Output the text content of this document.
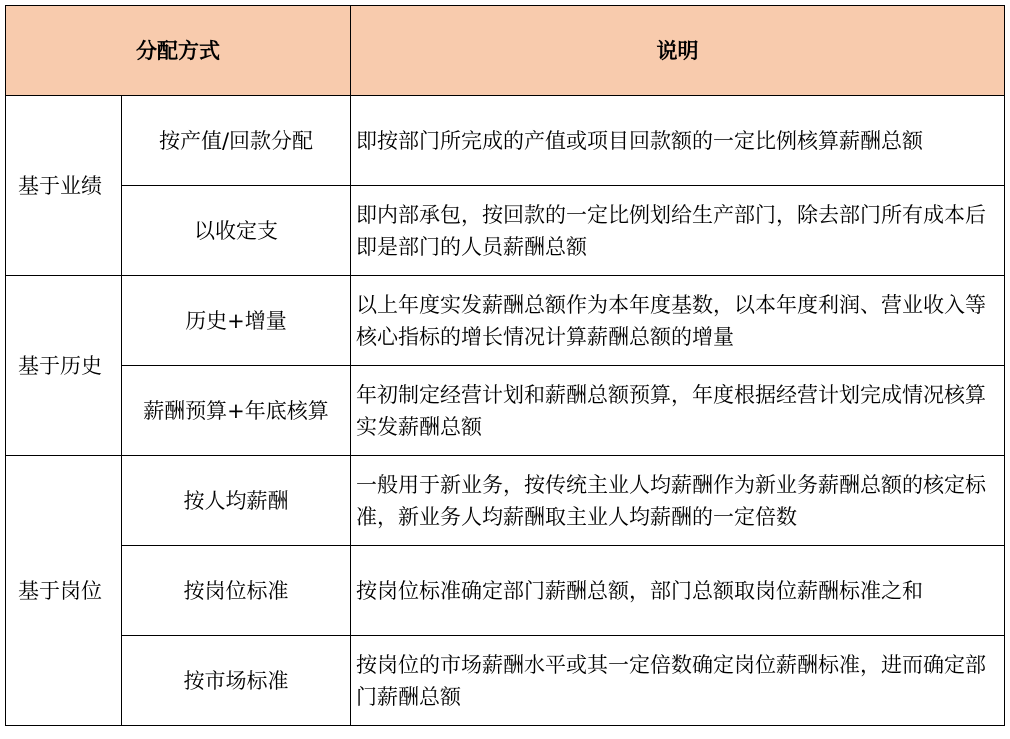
分配方式		说明
基于业绩	按产值/回款分配	即按部门所完成的产值或项目回款额的一定比例核算薪酬总额
	以收定支	即内部承包，按回款的一定比例划给生产部门，除去部门所有成本后即是部门的人员薪酬总额
基于历史	历史+增量	以上年度实发薪酬总额作为本年度基数，以本年度利润、营业收入等核心指标的增长情况计算薪酬总额的增量
	薪酬预算+年底核算	年初制定经营计划和薪酬总额预算，年度根据经营计划完成情况核算实发薪酬总额
基于岗位	按人均薪酬	一般用于新业务，按传统主业人均薪酬作为新业务薪酬总额的核定标准，新业务人均薪酬取主业人均薪酬的一定倍数
	按岗位标准	按岗位标准确定部门薪酬总额，部门总额取岗位薪酬标准之和
	按市场标准	按岗位的市场薪酬水平或其一定倍数确定岗位薪酬标准，进而确定部门薪酬总额
